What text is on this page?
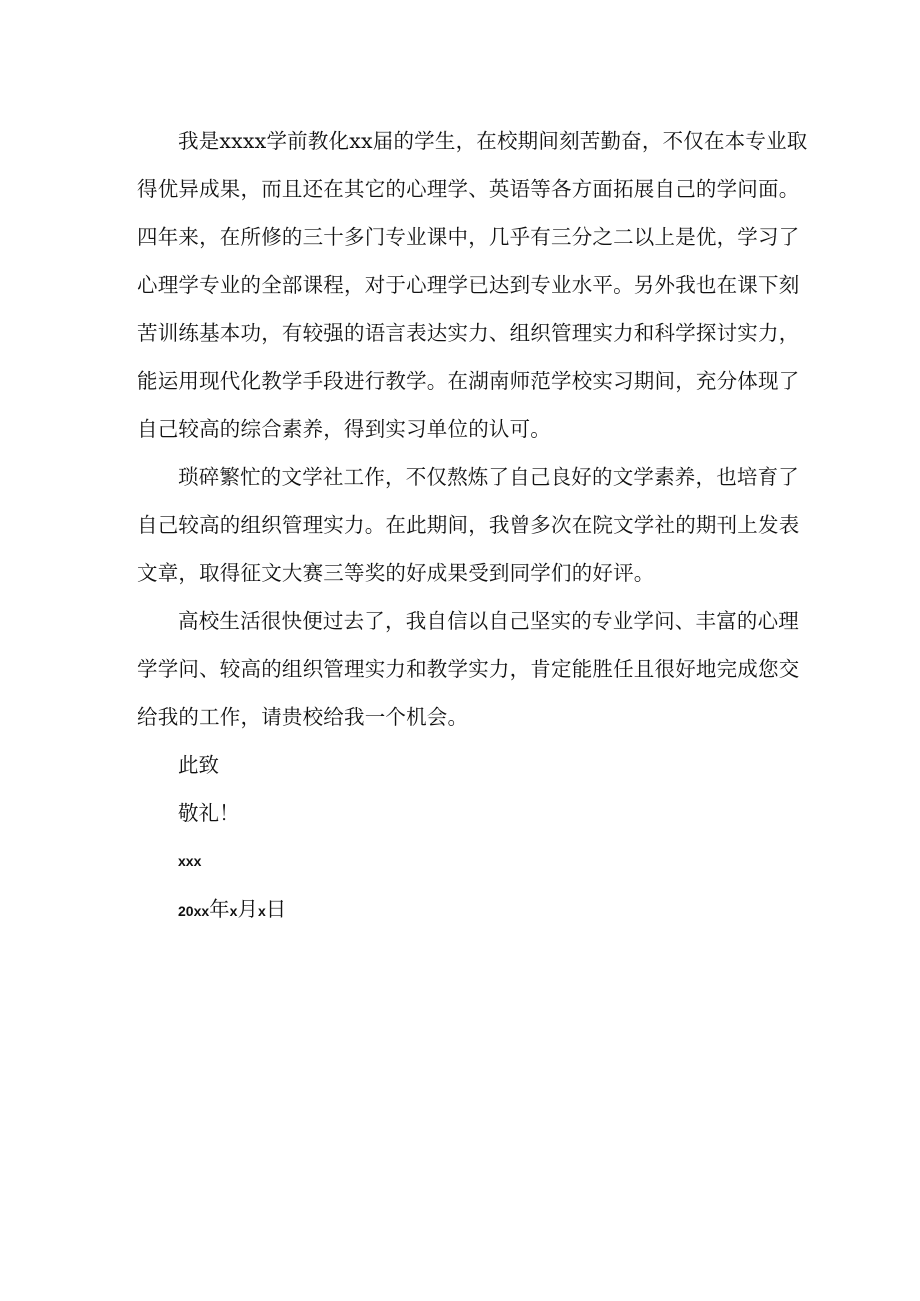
我是xxxx学前教化xx届的学生，在校期间刻苦勤奋，不仅在本专业取
得优异成果，而且还在其它的心理学、英语等各方面拓展自己的学问面。
四年来，在所修的三十多门专业课中，几乎有三分之二以上是优，学习了
心理学专业的全部课程，对于心理学已达到专业水平。另外我也在课下刻
苦训练基本功，有较强的语言表达实力、组织管理实力和科学探讨实力，
能运用现代化教学手段进行教学。在湖南师范学校实习期间，充分体现了
自己较高的综合素养，得到实习单位的认可。
琐碎繁忙的文学社工作，不仅熬炼了自己良好的文学素养，也培育了
自己较高的组织管理实力。在此期间，我曾多次在院文学社的期刊上发表
文章，取得征文大赛三等奖的好成果受到同学们的好评。
高校生活很快便过去了，我自信以自己坚实的专业学问、丰富的心理
学学问、较高的组织管理实力和教学实力，肯定能胜任且很好地完成您交
给我的工作，请贵校给我一个机会。
此致
敬礼！
xxx
20xx年x月x日
